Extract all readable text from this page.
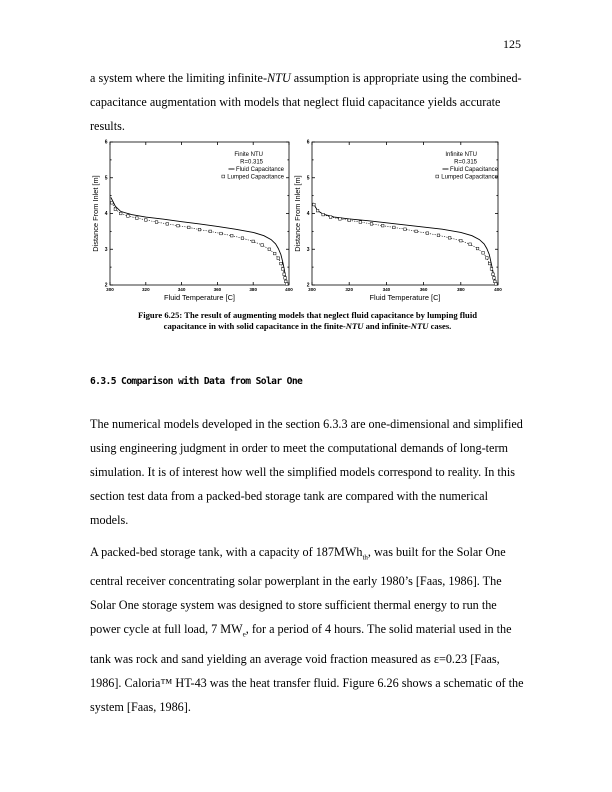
125

a system where the limiting infinite-NTU assumption is appropriate using the combined-
capacitance augmentation with models that neglect fluid capacitance yields accurate
results.

300	320	340	360	380	400
2
3
4
5
6
Fluid Temperature [C]
Distance From Inlet [m]
Finite NTU
R=0.315
Fluid Capacitance
Lumped Capacitance
300	320	340	360	380	400
2
3
4
5
6
Fluid Temperature [C]
Distance From Inlet [m]
Infinite NTU
R=0.315
Fluid Capacitance
Lumped Capacitance
Figure 6.25: The result of augmenting models that neglect fluid capacitance by lumping fluid
capacitance in with solid capacitance in the finite-NTU and infinite-NTU cases.
6.3.5 Comparison with Data from Solar One

The numerical models developed in the section 6.3.3 are one-dimensional and simplified
using engineering judgment in order to meet the computational demands of long-term
simulation. It is of interest how well the simplified models correspond to reality. In this
section test data from a packed-bed storage tank are compared with the numerical
models.

A packed-bed storage tank, with a capacity of 187MWh$_{th}$, was built for the Solar One
central receiver concentrating solar powerplant in the early 1980’s [Faas, 1986]. The
Solar One storage system was designed to store sufficient thermal energy to run the
power cycle at full load, 7 $MW_e$, for a period of 4 hours. The solid material used in the
tank was rock and sand yielding an average void fraction measured as ε=0.23 [Faas,
1986]. Caloria™ HT-43 was the heat transfer fluid. Figure 6.26 shows a schematic of the
system [Faas, 1986].
